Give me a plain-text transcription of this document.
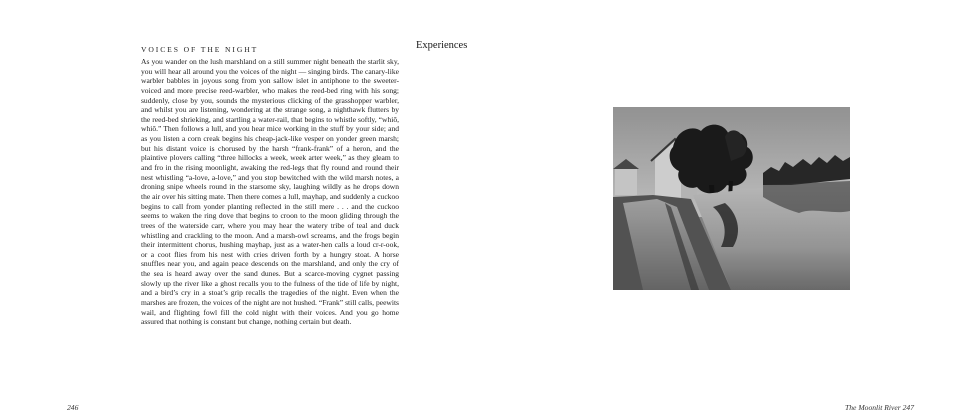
VOICES OF THE NIGHT

As you wander on the lush marshland on a still summer night beneath the starlit sky, you will hear all around you the voices of the night — singing birds. The canary-like warbler babbles in joyous song from yon sallow islet in antiphone to the sweeter-voiced and more precise reed-warbler, who makes the reed-bed ring with his song; suddenly, close by you, sounds the mysterious clicking of the grasshopper warbler, and whilst you are listening, wondering at the strange song, a nighthawk flutters by the reed-bed shrieking, and startling a water-rail, that begins to whistle softly, “whiō, whiō.” Then follows a lull, and you hear mice working in the stuff by your side; and as you listen a corn creak begins his cheap-jack-like vesper on yonder green marsh; but his distant voice is chorused by the harsh “frank-frank” of a heron, and the plaintive plovers calling “three hillocks a week, week arter week,” as they gleam to and fro in the rising moonlight, awaking the red-legs that fly round and round their nest whistling “a-love, a-love,” and you stop bewitched with the wild marsh notes, a droning snipe wheels round in the starsome sky, laughing wildly as he drops down the air over his sitting mate. Then there comes a lull, mayhap, and suddenly a cuckoo begins to call from yonder planting reflected in the still mere . . . and the cuckoo seems to waken the ring dove that begins to croon to the moon gliding through the trees of the waterside carr, where you may hear the watery tribe of teal and duck whistling and crackling to the moon. And a marsh-owl screams, and the frogs begin their intermittent chorus, hushing mayhap, just as a water-hen calls a loud cr-r-ook, or a coot flies from his nest with cries driven forth by a hungry stoat. A horse snuffles near you, and again peace descends on the marshland, and only the cry of the sea is heard away over the sand dunes. But a scarce-moving cygnet passing slowly up the river like a ghost recalls you to the fulness of the tide of life by night, and a bird’s cry in a stoat’s grip recalls the tragedies of the night. Even when the marshes are frozen, the voices of the night are not hushed. “Frank” still calls, peewits wail, and flighting fowl fill the cold night with their voices. And you go home assured that nothing is constant but change, nothing certain but death.

246	The Moonlit River 247
Experiences
